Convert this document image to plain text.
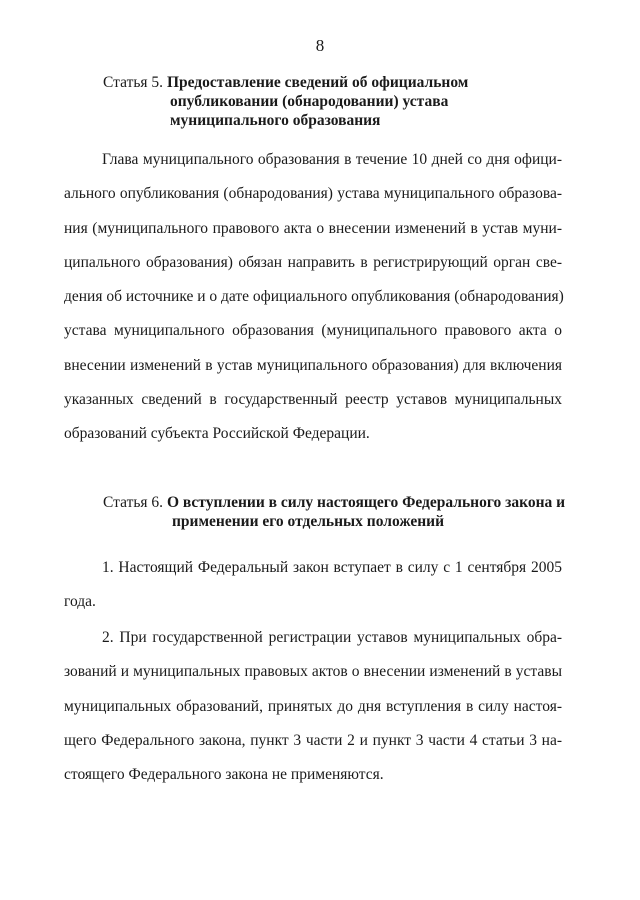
8
Статья 5. Предоставление сведений об официальном
опубликовании (обнародовании) устава
муниципального образования
Глава муниципального образования в течение 10 дней со дня офици-
ального опубликования (обнародования) устава муниципального образова-
ния (муниципального правового акта о внесении изменений в устав муни-
ципального образования) обязан направить в регистрирующий орган све-
дения об источнике и о дате официального опубликования (обнародования)
устава муниципального образования (муниципального правового акта о
внесении изменений в устав муниципального образования) для включения
указанных сведений в государственный реестр уставов муниципальных
образований субъекта Российской Федерации.
Статья 6. О вступлении в силу настоящего Федерального закона и
применении его отдельных положений
1. Настоящий Федеральный закон вступает в силу с 1 сентября 2005
года.
2. При государственной регистрации уставов муниципальных обра-
зований и муниципальных правовых актов о внесении изменений в уставы
муниципальных образований, принятых до дня вступления в силу настоя-
щего Федерального закона, пункт 3 части 2 и пункт 3 части 4 статьи 3 на-
стоящего Федерального закона не применяются.
